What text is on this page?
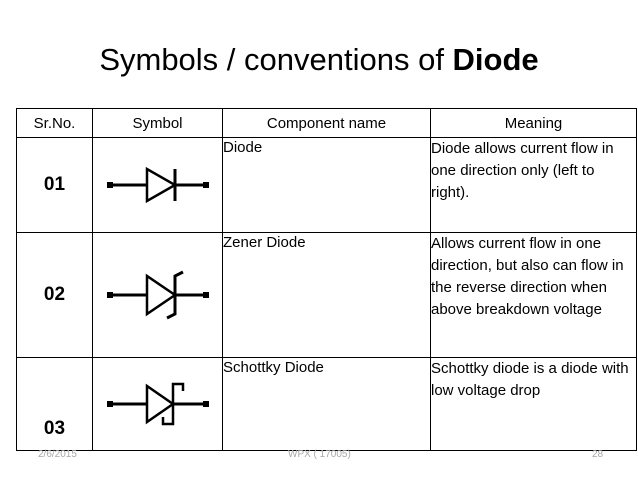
Symbols / conventions of Diode
Sr.No.	Symbol	Component name	Meaning
01		Diode	Diode allows current flow in one direction only (left to right).
02		Zener Diode	Allows current flow in one direction, but also can flow in the reverse direction when above breakdown voltage
03		Schottky Diode	Schottky diode is a diode with low voltage drop
2/6/2015	WPX ( 17005)	28
